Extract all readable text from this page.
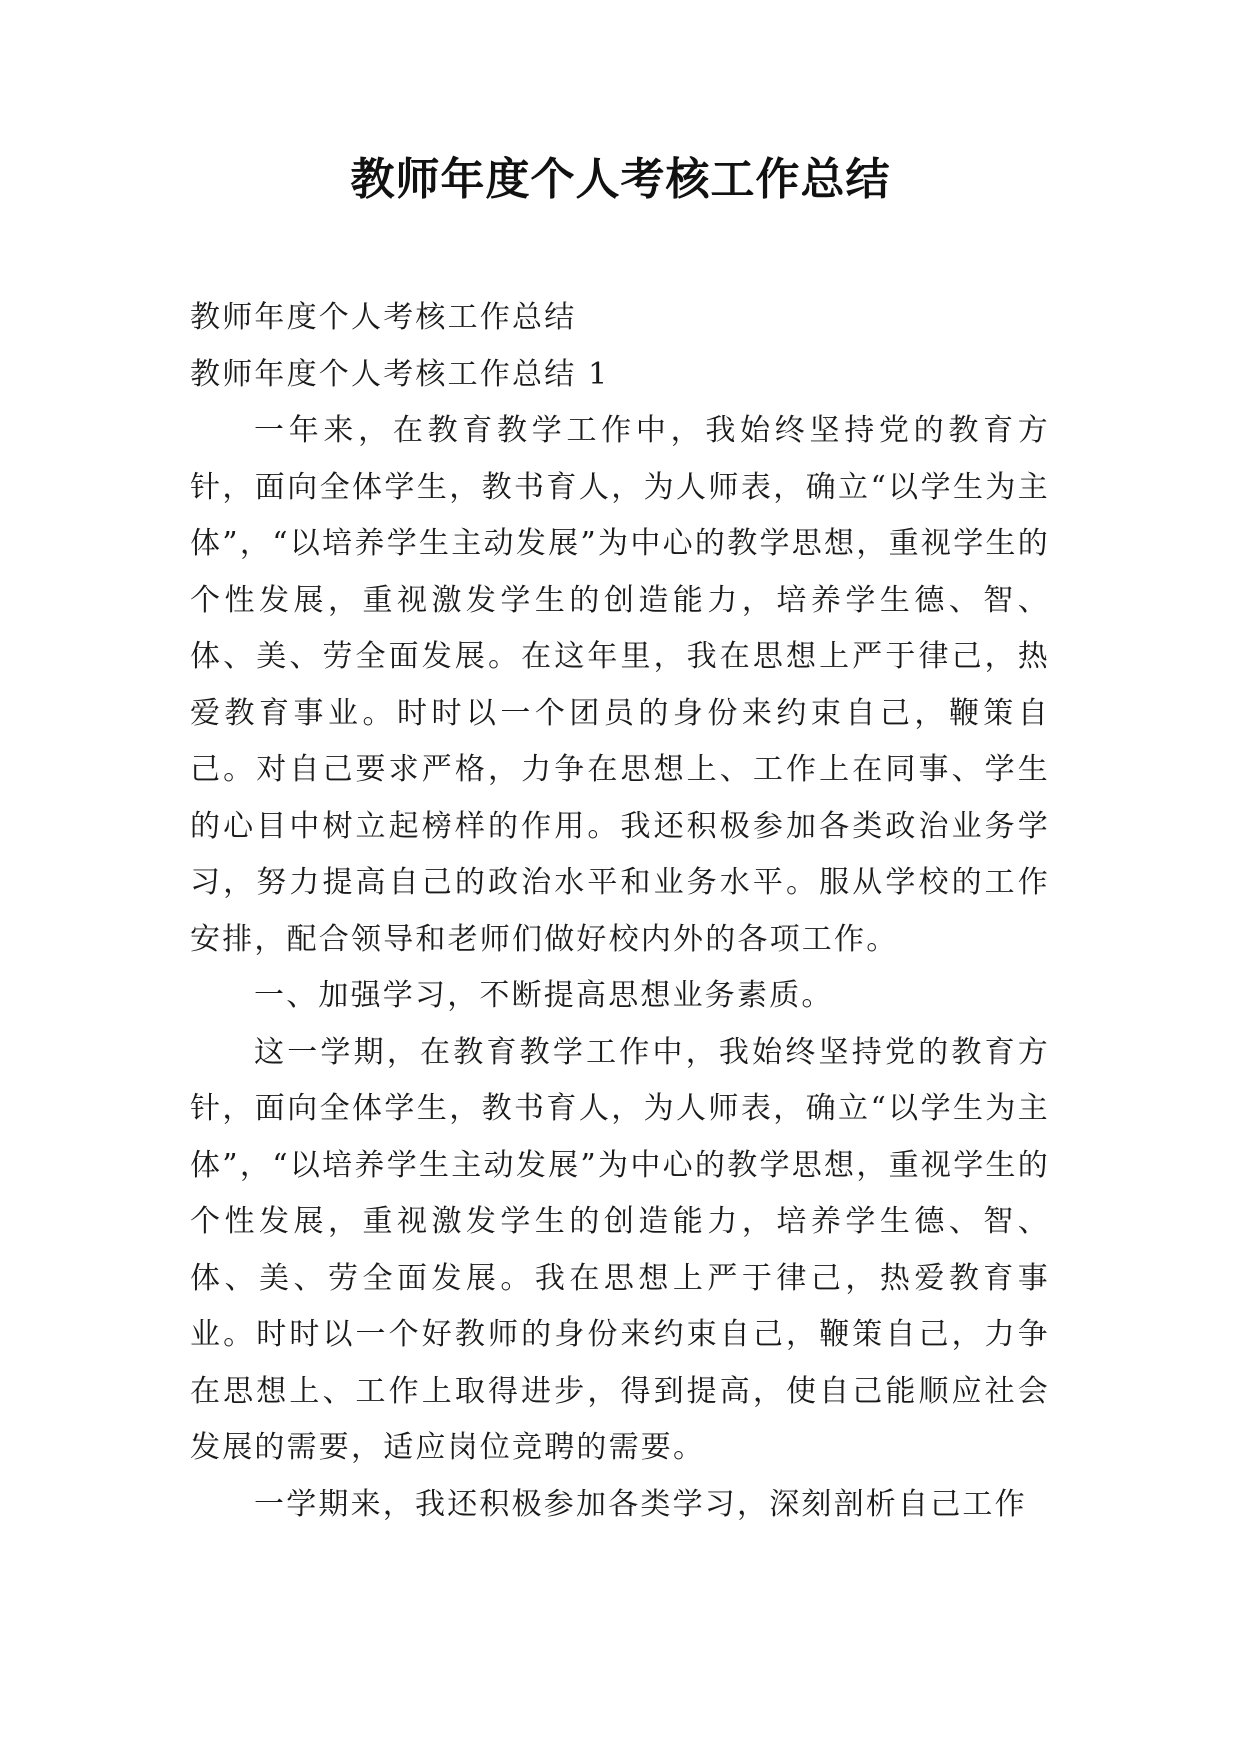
教师年度个人考核工作总结

教师年度个人考核工作总结

教师年度个人考核工作总结 1

一年来，在教育教学工作中，我始终坚持党的教育方针，面向全体学生，教书育人，为人师表，确立“以学生为主体”，“以培养学生主动发展”为中心的教学思想，重视学生的个性发展，重视激发学生的创造能力，培养学生德、智、体、美、劳全面发展。在这年里，我在思想上严于律己，热爱教育事业。时时以一个团员的身份来约束自己，鞭策自己。对自己要求严格，力争在思想上、工作上在同事、学生的心目中树立起榜样的作用。我还积极参加各类政治业务学习，努力提高自己的政治水平和业务水平。服从学校的工作安排，配合领导和老师们做好校内外的各项工作。

一、加强学习，不断提高思想业务素质。

这一学期，在教育教学工作中，我始终坚持党的教育方针，面向全体学生，教书育人，为人师表，确立“以学生为主体”，“以培养学生主动发展”为中心的教学思想，重视学生的个性发展，重视激发学生的创造能力，培养学生德、智、体、美、劳全面发展。我在思想上严于律己，热爱教育事业。时时以一个好教师的身份来约束自己，鞭策自己，力争在思想上、工作上取得进步，得到提高，使自己能顺应社会发展的需要，适应岗位竞聘的需要。

一学期来，我还积极参加各类学习，深刻剖析自己工作
